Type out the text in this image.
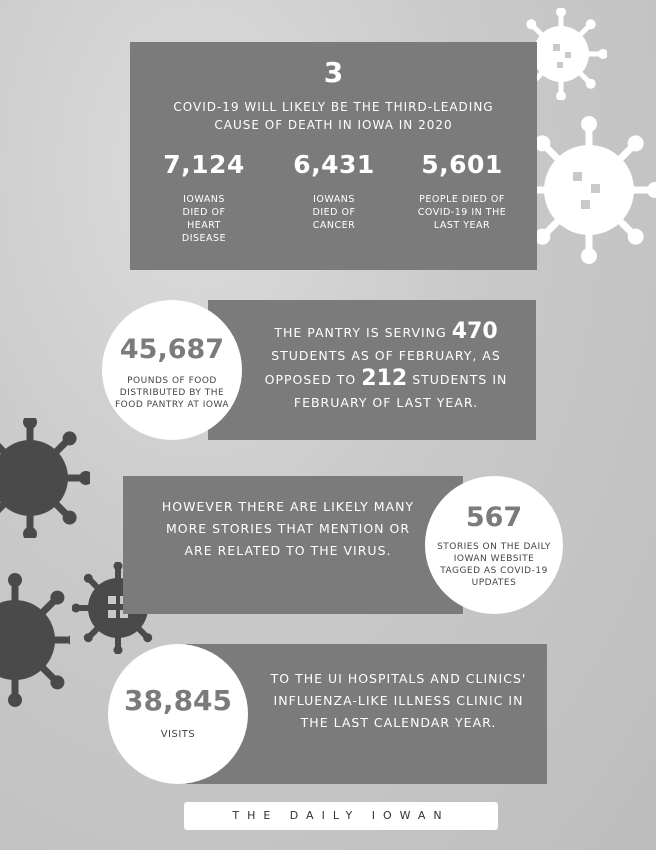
3
COVID-19 WILL LIKELY BE THE THIRD-LEADING CAUSE OF DEATH IN IOWA IN 2020
7,124
IOWANS DIED OF HEART DISEASE
6,431
IOWANS DIED OF CANCER
5,601
PEOPLE DIED OF COVID-19 IN THE LAST YEAR
THE PANTRY IS SERVING 470 STUDENTS AS OF FEBRUARY, AS OPPOSED TO 212 STUDENTS IN FEBRUARY OF LAST YEAR.
45,687
POUNDS OF FOOD DISTRIBUTED BY THE FOOD PANTRY AT IOWA
HOWEVER THERE ARE LIKELY MANY MORE STORIES THAT MENTION OR ARE RELATED TO THE VIRUS.
567
STORIES ON THE DAILY IOWAN WEBSITE TAGGED AS COVID-19 UPDATES
TO THE UI HOSPITALS AND CLINICS' INFLUENZA-LIKE ILLNESS CLINIC IN THE LAST CALENDAR YEAR.
38,845
VISITS
THE DAILY IOWAN
